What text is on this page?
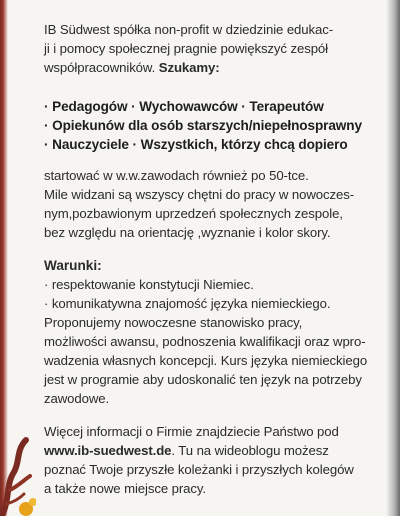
IB Südwest spółka non-profit w dziedzinie edukac-
ji i pomocy społecznej pragnie powiększyć zespół
współpracowników. Szukamy:
· Pedagogów · Wychowawców · Terapeutów
· Opiekunów dla osób starszych/niepełnosprawny
· Nauczyciele · Wszystkich, którzy chcą dopiero
startować w w.w.zawodach również po 50-tce.
Mile widzani są wszyscy chętni do pracy w nowoczes-
nym,pozbawionym uprzedzeń społecznych zespole,
bez względu na orientację ,wyznanie i kolor skory.
Warunki:
· respektowanie konstytucji Niemiec.
· komunikatywna znajomość języka niemieckiego.
Proponujemy nowoczesne stanowisko pracy,
możliwości awansu, podnoszenia kwalifikacji oraz wpro-
wadzenia własnych koncepcji. Kurs języka niemieckiego
jest w programie aby udoskonalić ten język na potrzeby
zawodowe.
Więcej informacji o Firmie znajdziecie Państwo pod
www.ib-suedwest.de. Tu na wideoblogu możesz
poznać Twoje przyszłe koleżanki i przyszłych kolegów
a także nowe miejsce pracy.
